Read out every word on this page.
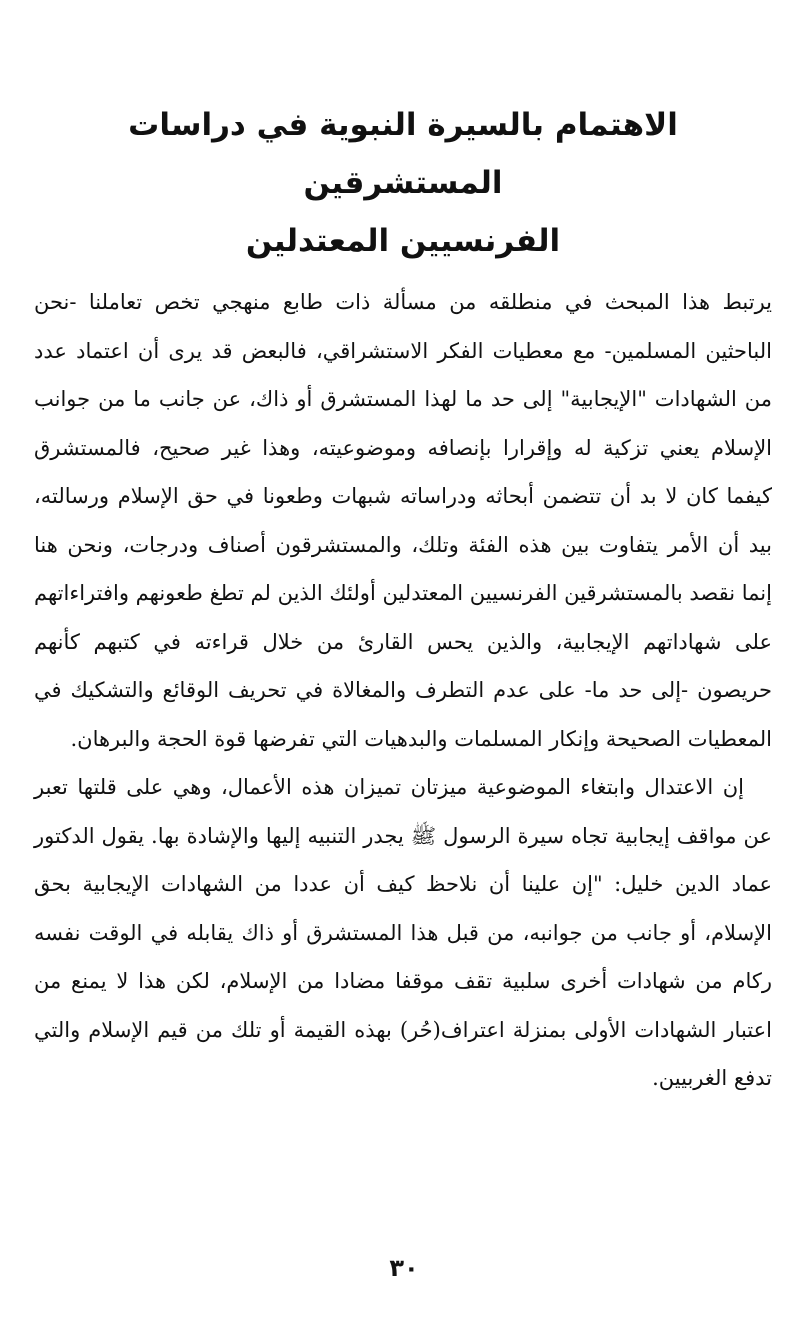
الاهتمام بالسيرة النبوية في دراسات المستشرقين
الفرنسيين المعتدلين

يرتبط هذا المبحث في منطلقه من مسألة ذات طابع منهجي تخص تعاملنا -نحن الباحثين المسلمين- مع معطيات الفكر الاستشراقي، فالبعض قد يرى أن اعتماد عدد من الشهادات "الإيجابية" إلى حد ما لهذا المستشرق أو ذاك، عن جانب ما من جوانب الإسلام يعني تزكية له وإقرارا بإنصافه وموضوعيته، وهذا غير صحيح، فالمستشرق كيفما كان لا بد أن تتضمن أبحاثه ودراساته شبهات وطعونا في حق الإسلام ورسالته، بيد أن الأمر يتفاوت بين هذه الفئة وتلك، والمستشرقون أصناف ودرجات، ونحن هنا إنما نقصد بالمستشرقين الفرنسيين المعتدلين أولئك الذين لم تطغ طعونهم وافتراءاتهم على شهاداتهم الإيجابية، والذين يحس القارئ من خلال قراءته في كتبهم كأنهم حريصون -إلى حد ما- على عدم التطرف والمغالاة في تحريف الوقائع والتشكيك في المعطيات الصحيحة وإنكار المسلمات والبدهيات التي تفرضها قوة الحجة والبرهان.

إن الاعتدال وابتغاء الموضوعية ميزتان تميزان هذه الأعمال، وهي على قلتها تعبر عن مواقف إيجابية تجاه سيرة الرسول ﷺ يجدر التنبيه إليها والإشادة بها. يقول الدكتور عماد الدين خليل: "إن علينا أن نلاحظ كيف أن عددا من الشهادات الإيجابية بحق الإسلام، أو جانب من جوانبه، من قبل هذا المستشرق أو ذاك يقابله في الوقت نفسه ركام من شهادات أخرى سلبية تقف موقفا مضادا من الإسلام، لكن هذا لا يمنع من اعتبار الشهادات الأولى بمنزلة اعتراف(حُر) بهذه القيمة أو تلك من قيم الإسلام والتي تدفع الغربيين.

٣٠
